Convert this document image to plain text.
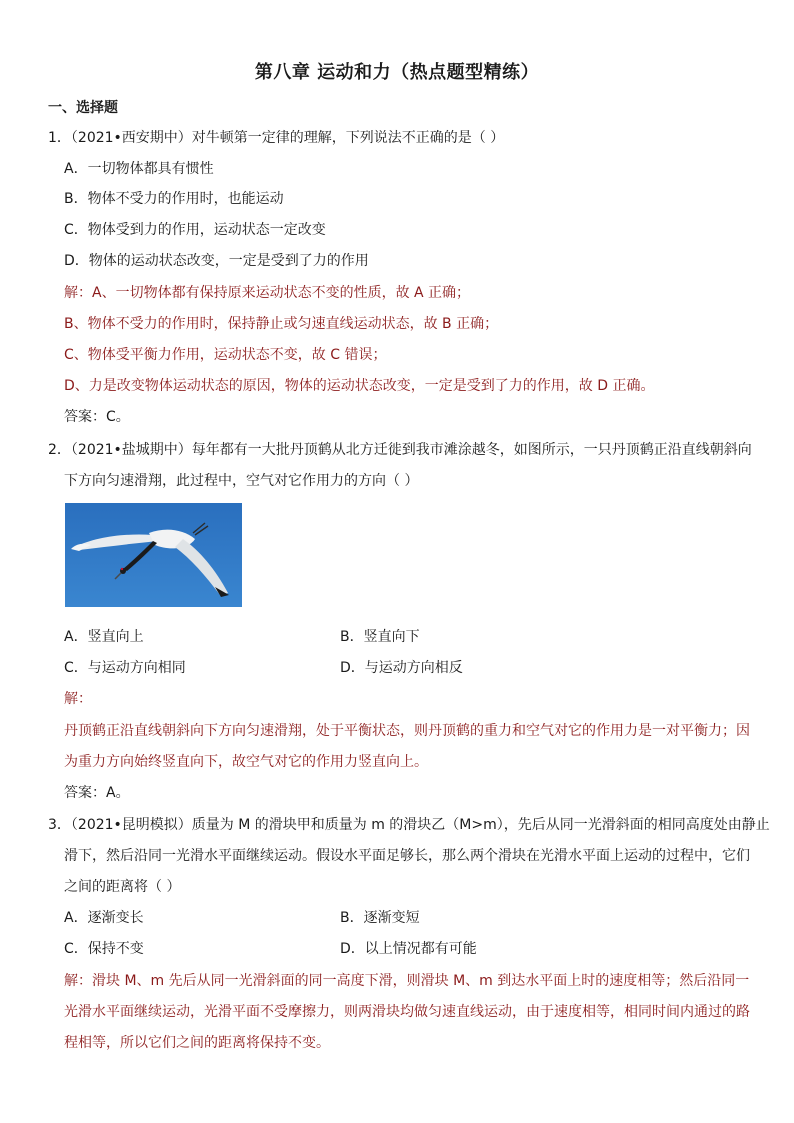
第八章 运动和力（热点题型精练）
一、选择题
1．（2021•西安期中）对牛顿第一定律的理解，下列说法不正确的是（ ）
A．一切物体都具有惯性
B．物体不受力的作用时，也能运动
C．物体受到力的作用，运动状态一定改变
D．物体的运动状态改变，一定是受到了力的作用
解：A、一切物体都有保持原来运动状态不变的性质，故 A 正确；
B、物体不受力的作用时，保持静止或匀速直线运动状态，故 B 正确；
C、物体受平衡力作用，运动状态不变，故 C 错误；
D、力是改变物体运动状态的原因，物体的运动状态改变，一定是受到了力的作用，故 D 正确。
答案：C。
2．（2021•盐城期中）每年都有一大批丹顶鹤从北方迁徙到我市滩涂越冬，如图所示，一只丹顶鹤正沿直线朝斜向
下方向匀速滑翔，此过程中，空气对它作用力的方向（ ）
A．竖直向上	B．竖直向下
C．与运动方向相同	D．与运动方向相反
解：
丹顶鹤正沿直线朝斜向下方向匀速滑翔，处于平衡状态，则丹顶鹤的重力和空气对它的作用力是一对平衡力；因
为重力方向始终竖直向下，故空气对它的作用力竖直向上。
答案：A。
3．（2021•昆明模拟）质量为 M 的滑块甲和质量为 m 的滑块乙（M>m），先后从同一光滑斜面的相同高度处由静止
滑下，然后沿同一光滑水平面继续运动。假设水平面足够长，那么两个滑块在光滑水平面上运动的过程中，它们
之间的距离将（ ）
A．逐渐变长	B．逐渐变短
C．保持不变	D．以上情况都有可能
解：滑块 M、m 先后从同一光滑斜面的同一高度下滑，则滑块 M、m 到达水平面上时的速度相等；然后沿同一
光滑水平面继续运动，光滑平面不受摩擦力，则两滑块均做匀速直线运动，由于速度相等，相同时间内通过的路
程相等，所以它们之间的距离将保持不变。
